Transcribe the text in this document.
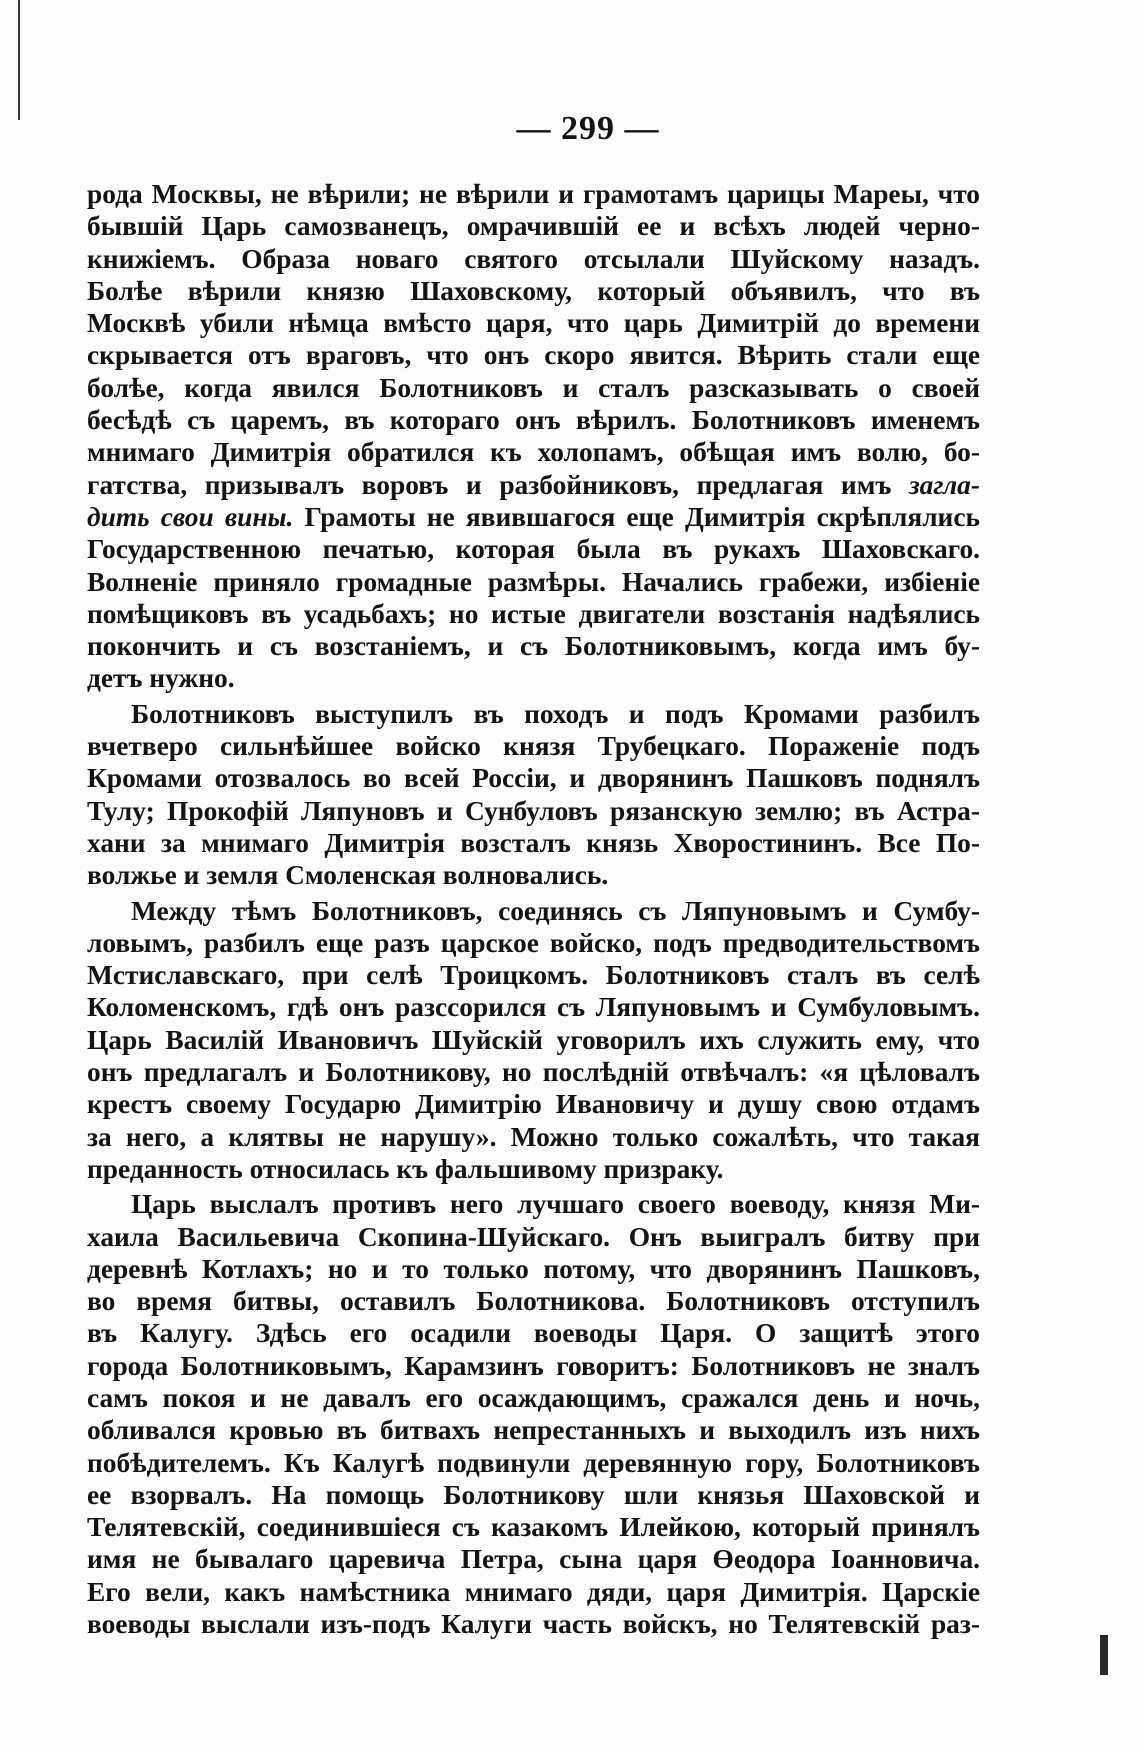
— 299 —
рода Москвы, не вѣрили; не вѣрили и грамотамъ царицы Мареы, что
бывшiй Царь самозванецъ, омрачившiй ее и всѣхъ людей черно-
книжiемъ. Образа новаго святого отсылали Шуйскому назадъ.
Болѣе вѣрили князю Шаховскому, который объявилъ, что въ
Москвѣ убили нѣмца вмѣсто царя, что царь Димитрiй до времени
скрывается отъ враговъ, что онъ скоро явится. Вѣрить стали еще
болѣе, когда явился Болотниковъ и сталъ разсказывать о своей
бесѣдѣ съ царемъ, въ котораго онъ вѣрилъ. Болотниковъ именемъ
мнимаго Димитрiя обратился къ холопамъ, обѣщая имъ волю, бо-
гатства, призывалъ воровъ и разбойниковъ, предлагая имъ загла-
дить свои вины. Грамоты не явившагося еще Димитрiя скрѣплялись
Государственною печатью, которая была въ рукахъ Шаховскаго.
Волненiе приняло громадные размѣры. Начались грабежи, избiенiе
помѣщиковъ въ усадьбахъ; но истые двигатели возстанiя надѣялись
покончить и съ возстанiемъ, и съ Болотниковымъ, когда имъ бу-
детъ нужно.
Болотниковъ выступилъ въ походъ и подъ Кромами разбилъ
вчетверо сильнѣйшее войско князя Трубецкаго. Пораженiе подъ
Кромами отозвалось во всей Россiи, и дворянинъ Пашковъ поднялъ
Тулу; Прокофiй Ляпуновъ и Сунбуловъ рязанскую землю; въ Астра-
хани за мнимаго Димитрiя возсталъ князь Хворостининъ. Все По-
волжье и земля Смоленская волновались.
Между тѣмъ Болотниковъ, соединясь съ Ляпуновымъ и Сумбу-
ловымъ, разбилъ еще разъ царское войско, подъ предводительствомъ
Мстиславскаго, при селѣ Троицкомъ. Болотниковъ сталъ въ селѣ
Коломенскомъ, гдѣ онъ разссорился съ Ляпуновымъ и Сумбуловымъ.
Царь Василiй Ивановичъ Шуйскiй уговорилъ ихъ служить ему, что
онъ предлагалъ и Болотникову, но послѣднiй отвѣчалъ: «я цѣловалъ
крестъ своему Государю Димитрiю Ивановичу и душу свою отдамъ
за него, а клятвы не нарушу». Можно только сожалѣть, что такая
преданность относилась къ фальшивому призраку.
Царь выслалъ противъ него лучшаго своего воеводу, князя Ми-
хаила Васильевича Скопина-Шуйскаго. Онъ выигралъ битву при
деревнѣ Котлахъ; но и то только потому, что дворянинъ Пашковъ,
во время битвы, оставилъ Болотникова. Болотниковъ отступилъ
въ Калугу. Здѣсь его осадили воеводы Царя. О защитѣ этого
города Болотниковымъ, Карамзинъ говоритъ: Болотниковъ не зналъ
самъ покоя и не давалъ его осаждающимъ, сражался день и ночь,
обливался кровью въ битвахъ непрестанныхъ и выходилъ изъ нихъ
побѣдителемъ. Къ Калугѣ подвинули деревянную гору, Болотниковъ
ее взорвалъ. На помощь Болотникову шли князья Шаховской и
Телятевскiй, соединившiеся съ казакомъ Илейкою, который принялъ
имя не бывалаго царевича Петра, сына царя Өеодора Iоанновича.
Его вели, какъ намѣстника мнимаго дяди, царя Димитрiя. Царскiе
воеводы выслали изъ-подъ Калуги часть войскъ, но Телятевскiй раз-
